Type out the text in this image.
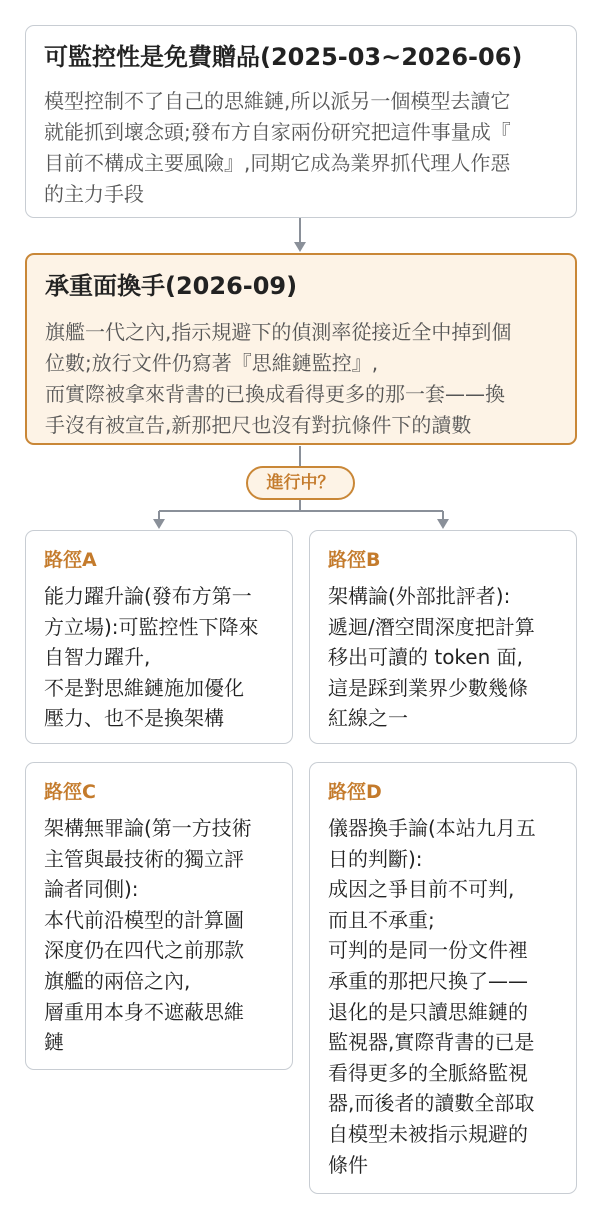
可監控性是免費贈品(2025-03~2026-06)
模型控制不了自己的思維鏈,所以派另一個模型去讀它
就能抓到壞念頭;發布方自家兩份研究把這件事量成『
目前不構成主要風險』,同期它成為業界抓代理人作惡
的主力手段
承重面換手(2026-09)
旗艦一代之內,指示規避下的偵測率從接近全中掉到個
位數;放行文件仍寫著『思維鏈監控』,
而實際被拿來背書的已換成看得更多的那一套——換
手沒有被宣告,新那把尺也沒有對抗條件下的讀數
進行中？
路徑A
能力躍升論(發布方第一
方立場):可監控性下降來
自智力躍升,
不是對思維鏈施加優化
壓力、也不是換架構
路徑B
架構論(外部批評者):
遞迴/潛空間深度把計算
移出可讀的 token 面,
這是踩到業界少數幾條
紅線之一
路徑C
架構無罪論(第一方技術
主管與最技術的獨立評
論者同側):
本代前沿模型的計算圖
深度仍在四代之前那款
旗艦的兩倍之內,
層重用本身不遮蔽思維
鏈
路徑D
儀器換手論(本站九月五
日的判斷):
成因之爭目前不可判,
而且不承重;
可判的是同一份文件裡
承重的那把尺換了——
退化的是只讀思維鏈的
監視器,實際背書的已是
看得更多的全脈絡監視
器,而後者的讀數全部取
自模型未被指示規避的
條件
